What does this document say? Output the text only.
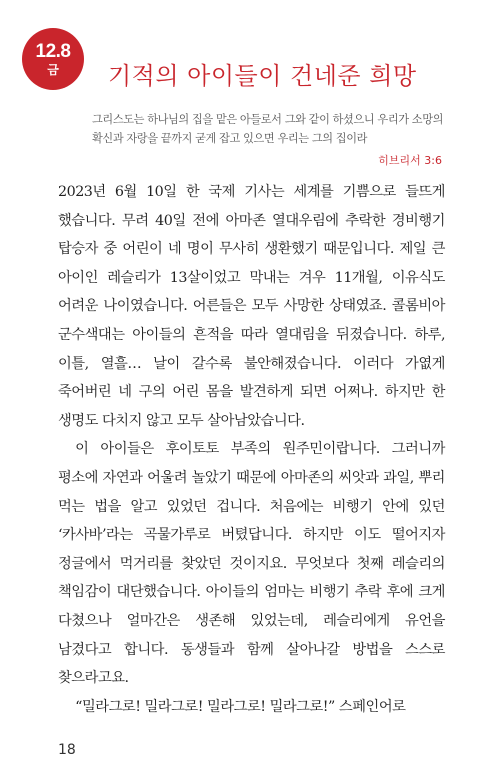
12.8
금 기적의 아이들이 건네준 희망

그리스도는 하나님의 집을 맡은 아들로서 그와 같이 하셨으니 우리가 소망의 확신과 자랑을 끝까지 굳게 잡고 있으면 우리는 그의 집이라

히브리서 3:6

2023년 6월 10일 한 국제 기사는 세계를 기쁨으로 들뜨게 했습니다. 무려 40일 전에 아마존 열대우림에 추락한 경비행기 탑승자 중 어린이 네 명이 무사히 생환했기 때문입니다. 제일 큰 아이인 레슬리가 13살이었고 막내는 겨우 11개월, 이유식도 어려운 나이였습니다. 어른들은 모두 사망한 상태였죠. 콜롬비아 군수색대는 아이들의 흔적을 따라 열대림을 뒤졌습니다. 하루, 이틀, 열흘… 날이 갈수록 불안해졌습니다. 이러다 가엾게 죽어버린 네 구의 어린 몸을 발견하게 되면 어쩌나. 하지만 한 생명도 다치지 않고 모두 살아남았습니다.

이 아이들은 후이토토 부족의 원주민이랍니다. 그러니까 평소에 자연과 어울려 놀았기 때문에 아마존의 씨앗과 과일, 뿌리 먹는 법을 알고 있었던 겁니다. 처음에는 비행기 안에 있던 ‘카사바’라는 곡물가루로 버텼답니다. 하지만 이도 떨어지자 정글에서 먹거리를 찾았던 것이지요. 무엇보다 첫째 레슬리의 책임감이 대단했습니다. 아이들의 엄마는 비행기 추락 후에 크게 다쳤으나 얼마간은 생존해 있었는데, 레슬리에게 유언을 남겼다고 합니다. 동생들과 함께 살아나갈 방법을 스스로 찾으라고요.

“밀라그로! 밀라그로! 밀라그로! 밀라그로!” 스페인어로

18
